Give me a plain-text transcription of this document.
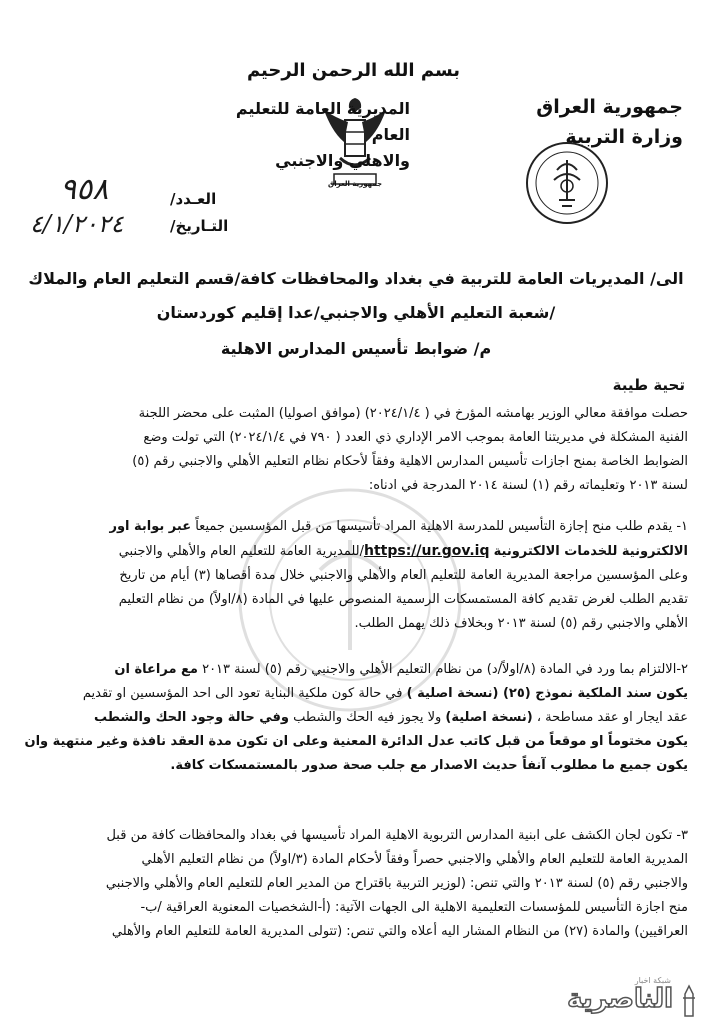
بسم الله الرحمن الرحيم
جمهورية العراق
وزارة التربية
جمهورية العراق
المديرية العامة للتعليم العام
والاهلي والاجنبي
العـدد/
التـاريخ/
٩٥٨
٤/١/٢٠٢٤
الى/ المديريات العامة للتربية في بغداد والمحافظات كافة/قسم التعليم العام والملاك
/شعبة التعليم الأهلي والاجنبي/عدا إقليم كوردستان
م/ ضوابط تأسيس المدارس الاهلية
تحية طيبة
حصلت موافقة معالي الوزير بهامشه المؤرخ في ( ٢٠٢٤/١/٤) (موافق اصوليا) المثبت على محضر اللجنة
الفنية المشكلة في مديريتنا العامة بموجب الامر الإداري ذي العدد ( ٧٩٠ في ٢٠٢٤/١/٤) التي تولت وضع
الضوابط الخاصة بمنح اجازات تأسيس المدارس الاهلية وفقاً لأحكام نظام التعليم الأهلي والاجنبي رقم (٥)
لسنة ٢٠١٣ وتعليماته رقم (١) لسنة ٢٠١٤ المدرجة في ادناه:
١- يقدم طلب منح إجازة التأسيس للمدرسة الاهلية المراد تأسيسها من قبل المؤسسين جميعاً عبر بوابة اور
الالكترونية للخدمات الالكترونية https://ur.gov.iq/للمديرية العامة للتعليم العام والأهلي والاجنبي
وعلى المؤسسين مراجعة المديرية العامة للتعليم العام والأهلي والاجنبي خلال مدة أقصاها (٣) أيام من تاريخ
تقديم الطلب لغرض تقديم كافة المستمسكات الرسمية المنصوص عليها في المادة (٨/اولاً) من نظام التعليم
الأهلي والاجنبي رقم (٥) لسنة ٢٠١٣ وبخلاف ذلك يهمل الطلب.
٢-الالتزام بما ورد في المادة (٨/اولاً/د) من نظام التعليم الأهلي والاجنبي رقم (٥) لسنة ٢٠١٣ مع مراعاة ان
يكون سند الملكية نموذج (٢٥) (نسخة اصلية ) في حالة كون ملكية البناية تعود الى احد المؤسسين او تقديم
عقد ايجار او عقد مساطحة ، (نسخة اصلية) ولا يجوز فيه الحك والشطب وفي حالة وجود الحك والشطب
يكون مختوماً او موقعاً من قبل كاتب عدل الدائرة المعنية وعلى ان تكون مدة العقد نافذة وغير منتهية وان
يكون جميع ما مطلوب آنفاً حديث الاصدار مع جلب صحة صدور بالمستمسكات كافة.
٣- تكون لجان الكشف على ابنية المدارس التربوية الاهلية المراد تأسيسها في بغداد والمحافظات كافة من قبل
المديرية العامة للتعليم العام والأهلي والاجنبي حصراً وفقاً لأحكام المادة (٣/اولاً) من نظام التعليم الأهلي
والاجنبي رقم (٥) لسنة ٢٠١٣ والتي تنص: (لوزير التربية باقتراح من المدير العام للتعليم العام والأهلي والاجنبي
منح اجازة التأسيس للمؤسسات التعليمية الاهلية الى الجهات الآتية: (أ-الشخصيات المعنوية العراقية /ب-
العراقيين) والمادة (٢٧) من النظام المشار اليه أعلاه والتي تنص: (تتولى المديرية العامة للتعليم العام والأهلي
شبكة اخبار
الناصرية
